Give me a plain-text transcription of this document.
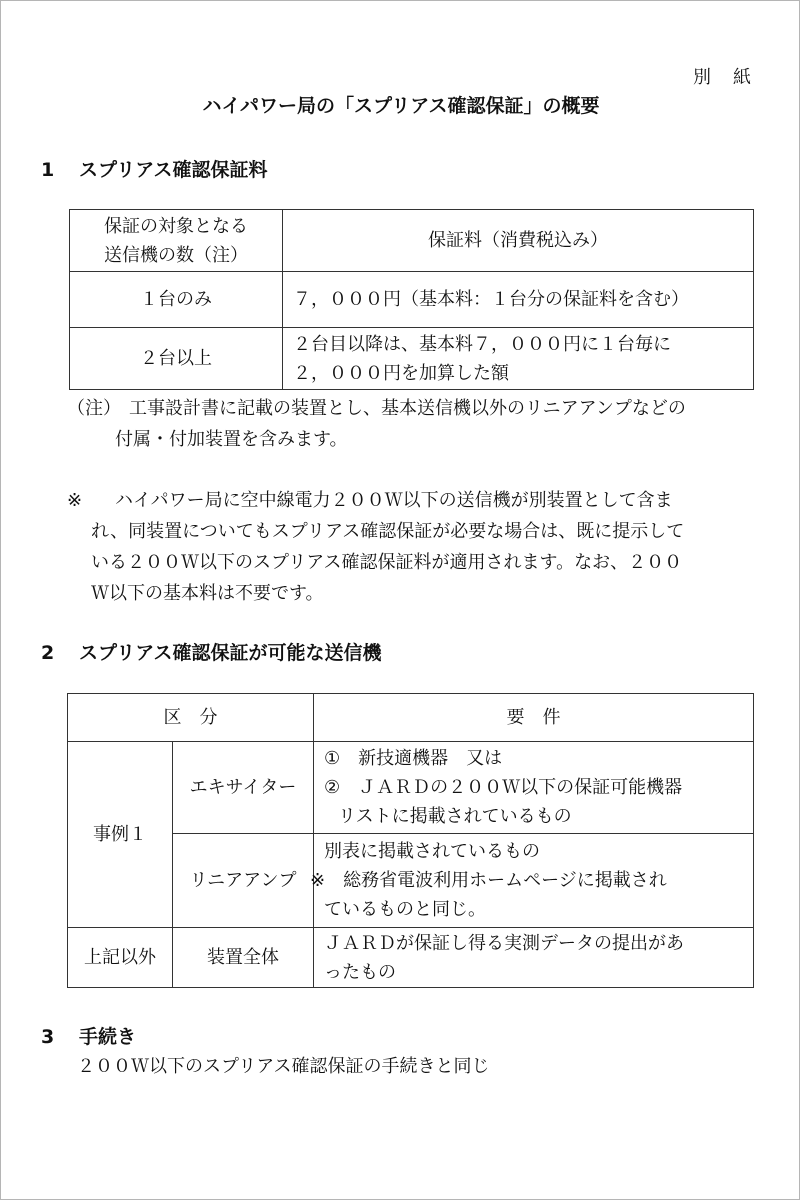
別　紙
ハイパワー局の「スプリアス確認保証」の概要
1 スプリアス確認保証料
保証の対象となる
送信機の数（注）	保証料（消費税込み）
１台のみ	７，０００円（基本料：１台分の保証料を含む）

２台以上	２台目以降は、基本料７，０００円に１台毎に
２，０００円を加算した額
（注） 工事設計書に記載の装置とし、基本送信機以外のリニアアンプなどの
付属・付加装置を含みます。

※ ハイパワー局に空中線電力２００Ｗ以下の送信機が別装置として含ま

れ、同装置についてもスプリアス確認保証が必要な場合は、既に提示して

いる２００Ｗ以下のスプリアス確認保証料が適用されます。なお、２００

Ｗ以下の基本料は不要です。

2 スプリアス確認保証が可能な送信機
区　分		要　件
事例１	エキサイター	①　新技適機器　又は
②　ＪＡＲＤの２００Ｗ以下の保証可能機器
リストに掲載されているもの

	リニアアンプ	別表に掲載されているもの
※　総務省電波利用ホームページに掲載され
ているものと同じ。

上記以外	装置全体	ＪＡＲＤが保証し得る実測データの提出があ
ったもの
3 手続き
２００Ｗ以下のスプリアス確認保証の手続きと同じ
